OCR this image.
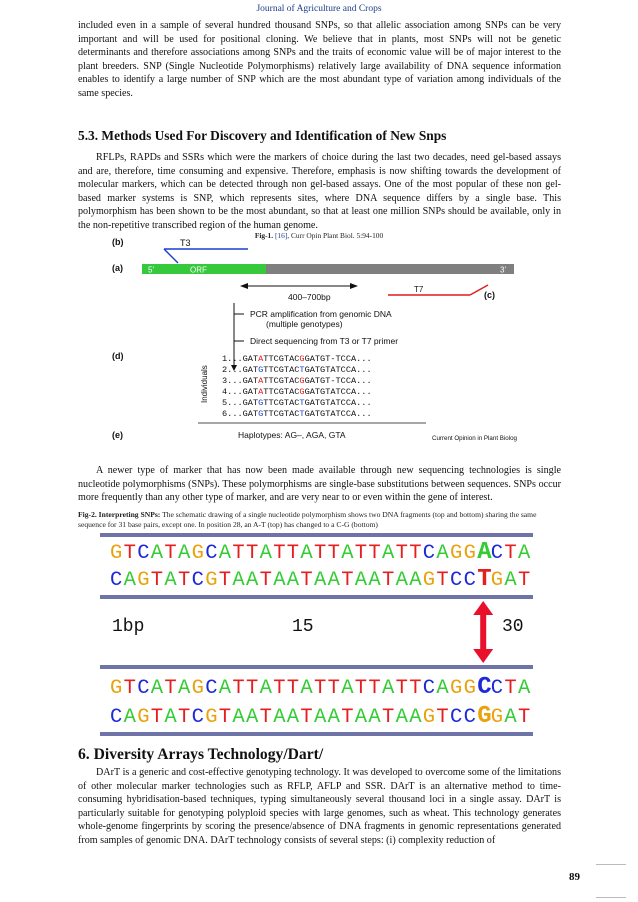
Journal of Agriculture and Crops
included even in a sample of several hundred thousand SNPs, so that allelic association among SNPs can be very important and will be used for positional cloning. We believe that in plants, most SNPs will not be genetic determinants and therefore associations among SNPs and the traits of economic value will be of major interest to the plant breeders. SNP (Single Nucleotide Polymorphisms) relatively large availability of DNA sequence information enables to identify a large number of SNP which are the most abundant type of variation among individuals of the same species.
5.3. Methods Used For Discovery and Identification of New Snps
RFLPs, RAPDs and SSRs which were the markers of choice during the last two decades, need gel-based assays and are, therefore, time consuming and expensive. Therefore, emphasis is now shifting towards the development of molecular markers, which can be detected through non gel-based assays. One of the most popular of these non gel-based marker systems is SNP, which represents sites, where DNA sequence differs by a single base. This polymorphism has been shown to be the most abundant, so that at least one million SNPs should be available, only in the non-repetitive transcribed region of the human genome.
Fig-1. [16], Curr Opin Plant Biol. 5:94-100
(b)	T3
(a)	5'	ORF	3'
T7
(c)
400–700bp
PCR amplification from genomic DNA
(multiple genotypes)
Direct sequencing from T3 or T7 primer
(d)
Individuals
1...GATATTCGTACGGATGT-TCCA...
2...GATGTTCGTACTGATGTATCCA...
3...GATATTCGTACGGATGT-TCCA...
4...GATATTCGTACGGATGTATCCA...
5...GATGTTCGTACTGATGTATCCA...
6...GATGTTCGTACTGATGTATCCA...
(e)	Haplotypes: AG–, AGA, GTA	Current Opinion in Plant Biolog
A newer type of marker that has now been made available through new sequencing technologies is single nucleotide polymorphisms (SNPs). These polymorphisms are single-base substitutions between sequences. SNPs occur more frequently than any other type of marker, and are very near to or even within the gene of interest.
Fig-2. Interpreting SNPs: The schematic drawing of a single nucleotide polymorphism shows two DNA fragments (top and bottom) sharing the same sequence for 31 base pairs, except one. In position 28, an A-T (top) has changed to a C-G (bottom)
G T C A T A G C A T T A T T A T T A T T A T T C A G G A C T A
C A G T A T C G T A A T A A T A A T A A T A A G T C C T G A T
1bp	15	30
G T C A T A G C A T T A T T A T T A T T A T T C A G G C C T A
C A G T A T C G T A A T A A T A A T A A T A A G T C C G G A T
6. Diversity Arrays Technology/Dart/
DArT is a generic and cost-effective genotyping technology. It was developed to overcome some of the limitations of other molecular marker technologies such as RFLP, AFLP and SSR. DArT is an alternative method to time-consuming hybridisation-based techniques, typing simultaneously several thousand loci in a single assay. DArT is particularly suitable for genotyping polyploid species with large genomes, such as wheat. This technology generates whole-genome fingerprints by scoring the presence/absence of DNA fragments in genomic representations generated from samples of genomic DNA. DArT technology consists of several steps: (i) complexity reduction of
89
